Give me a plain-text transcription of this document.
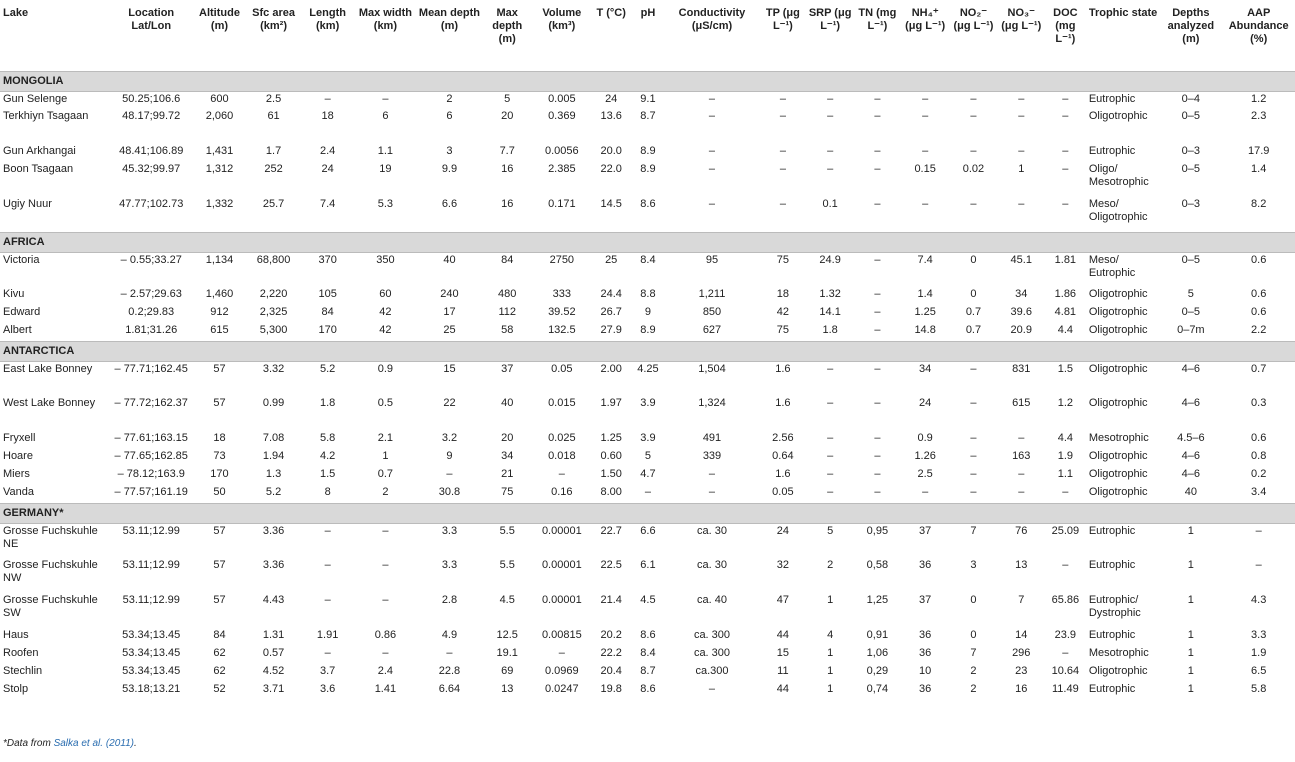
Lake	Location Lat/Lon	Altitude (m)	Sfc area (km²)	Length (km)	Max width (km)	Mean depth (m)	Max depth (m)	Volume (km³)	T (°C)	pH	Conductivity (μS/cm)	TP (μg L⁻¹)	SRP (μg L⁻¹)	TN (mg L⁻¹)	NH₄⁺ (μg L⁻¹)	NO₂⁻ (μg L⁻¹)	NO₃⁻ (μg L⁻¹)	DOC (mg L⁻¹)	Trophic state	Depths analyzed (m)	AAP Abundance (%)
MONGOLIA																					
Gun Selenge	50.25;106.6	600	2.5	–	–	2	5	0.005	24	9.1	–	–	–	–	–	–	–	–	Eutrophic	0–4	1.2
Terkhiyn Tsagaan	48.17;99.72	2,060	61	18	6	6	20	0.369	13.6	8.7	–	–	–	–	–	–	–	–	Oligotrophic	0–5	2.3
Gun Arkhangai	48.41;106.89	1,431	1.7	2.4	1.1	3	7.7	0.0056	20.0	8.9	–	–	–	–	–	–	–	–	Eutrophic	0–3	17.9
Boon Tsagaan	45.32;99.97	1,312	252	24	19	9.9	16	2.385	22.0	8.9	–	–	–	–	0.15	0.02	1	–	Oligo/ Mesotrophic	0–5	1.4
Ugiy Nuur	47.77;102.73	1,332	25.7	7.4	5.3	6.6	16	0.171	14.5	8.6	–	–	0.1	–	–	–	–	–	Meso/ Oligotrophic	0–3	8.2
AFRICA																					
Victoria	– 0.55;33.27	1,134	68,800	370	350	40	84	2750	25	8.4	95	75	24.9	–	7.4	0	45.1	1.81	Meso/ Eutrophic	0–5	0.6
Kivu	– 2.57;29.63	1,460	2,220	105	60	240	480	333	24.4	8.8	1,211	18	1.32	–	1.4	0	34	1.86	Oligotrophic	5	0.6
Edward	0.2;29.83	912	2,325	84	42	17	112	39.52	26.7	9	850	42	14.1	–	1.25	0.7	39.6	4.81	Oligotrophic	0–5	0.6
Albert	1.81;31.26	615	5,300	170	42	25	58	132.5	27.9	8.9	627	75	1.8	–	14.8	0.7	20.9	4.4	Oligotrophic	0–7m	2.2
ANTARCTICA																					
East Lake Bonney	– 77.71;162.45	57	3.32	5.2	0.9	15	37	0.05	2.00	4.25	1,504	1.6	–	–	34	–	831	1.5	Oligotrophic	4–6	0.7
West Lake Bonney	– 77.72;162.37	57	0.99	1.8	0.5	22	40	0.015	1.97	3.9	1,324	1.6	–	–	24	–	615	1.2	Oligotrophic	4–6	0.3
Fryxell	– 77.61;163.15	18	7.08	5.8	2.1	3.2	20	0.025	1.25	3.9	491	2.56	–	–	0.9	–	–	4.4	Mesotrophic	4.5–6	0.6
Hoare	– 77.65;162.85	73	1.94	4.2	1	9	34	0.018	0.60	5	339	0.64	–	–	1.26	–	163	1.9	Oligotrophic	4–6	0.8
Miers	– 78.12;163.9	170	1.3	1.5	0.7	–	21	–	1.50	4.7	–	1.6	–	–	2.5	–	–	1.1	Oligotrophic	4–6	0.2
Vanda	– 77.57;161.19	50	5.2	8	2	30.8	75	0.16	8.00	–	–	0.05	–	–	–	–	–	–	Oligotrophic	40	3.4
GERMANY*																					
Grosse Fuchskuhle NE	53.11;12.99	57	3.36	–	–	3.3	5.5	0.00001	22.7	6.6	ca. 30	24	5	0,95	37	7	76	25.09	Eutrophic	1	–
Grosse Fuchskuhle NW	53.11;12.99	57	3.36	–	–	3.3	5.5	0.00001	22.5	6.1	ca. 30	32	2	0,58	36	3	13	–	Eutrophic	1	–
Grosse Fuchskuhle SW	53.11;12.99	57	4.43	–	–	2.8	4.5	0.00001	21.4	4.5	ca. 40	47	1	1,25	37	0	7	65.86	Eutrophic/ Dystrophic	1	4.3
Haus	53.34;13.45	84	1.31	1.91	0.86	4.9	12.5	0.00815	20.2	8.6	ca. 300	44	4	0,91	36	0	14	23.9	Eutrophic	1	3.3
Roofen	53.34;13.45	62	0.57	–	–	–	19.1	–	22.2	8.4	ca. 300	15	1	1,06	36	7	296	–	Mesotrophic	1	1.9
Stechlin	53.34;13.45	62	4.52	3.7	2.4	22.8	69	0.0969	20.4	8.7	ca.300	11	1	0,29	10	2	23	10.64	Oligotrophic	1	6.5
Stolp	53.18;13.21	52	3.71	3.6	1.41	6.64	13	0.0247	19.8	8.6	–	44	1	0,74	36	2	16	11.49	Eutrophic	1	5.8
*Data from Salka et al. (2011).
